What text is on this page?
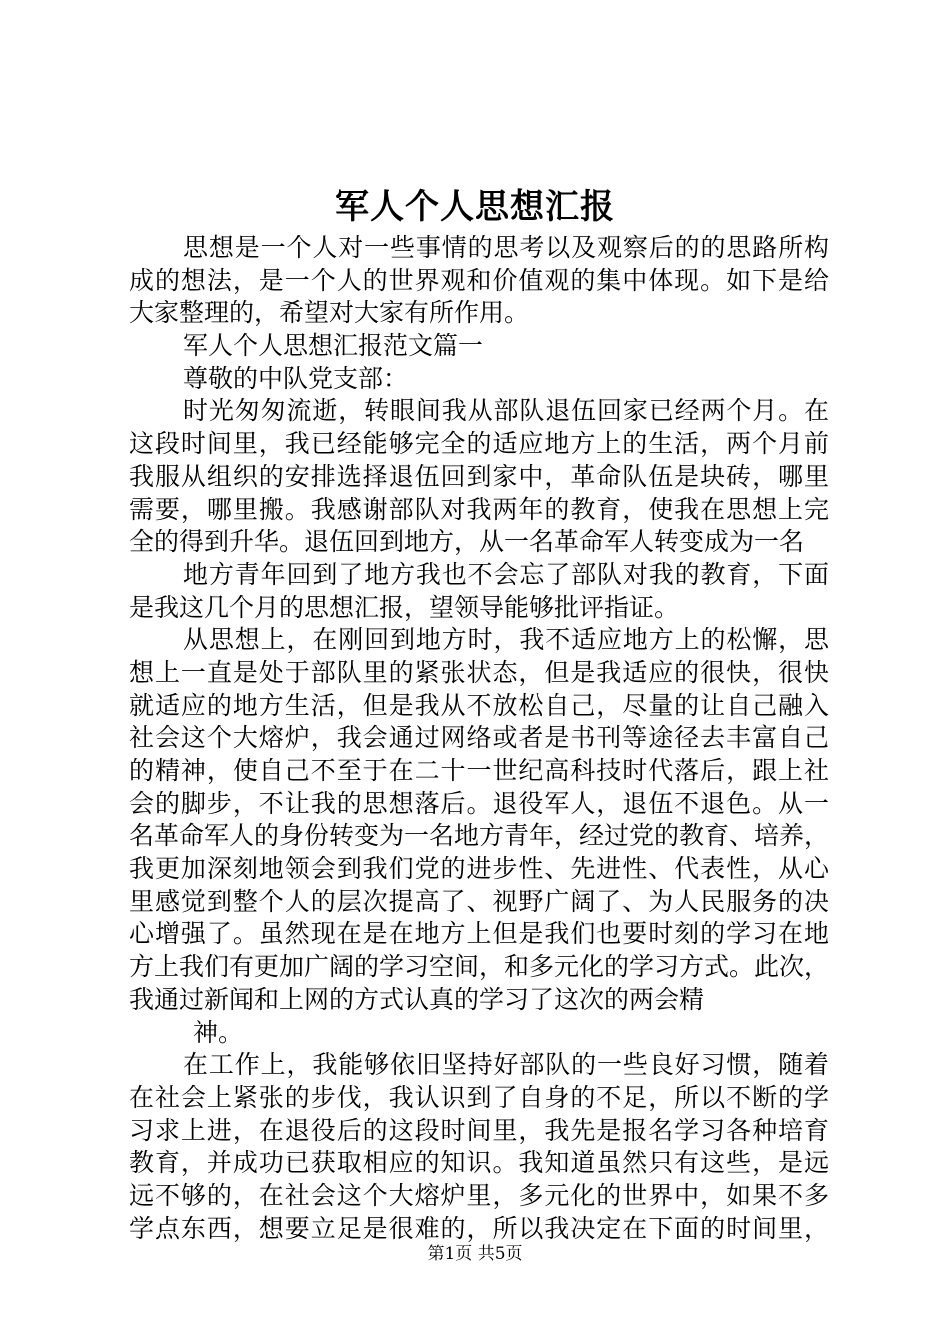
军人个人思想汇报
思想是一个人对一些事情的思考以及观察后的的思路所构
成的想法，是一个人的世界观和价值观的集中体现。如下是给
大家整理的，希望对大家有所作用。
军人个人思想汇报范文篇一
尊敬的中队党支部：
时光匆匆流逝，转眼间我从部队退伍回家已经两个月。在
这段时间里，我已经能够完全的适应地方上的生活，两个月前
我服从组织的安排选择退伍回到家中，革命队伍是块砖，哪里
需要，哪里搬。我感谢部队对我两年的教育，使我在思想上完
全的得到升华。退伍回到地方，从一名革命军人转变成为一名
地方青年回到了地方我也不会忘了部队对我的教育，下面
是我这几个月的思想汇报，望领导能够批评指证。
从思想上，在刚回到地方时，我不适应地方上的松懈，思
想上一直是处于部队里的紧张状态，但是我适应的很快，很快
就适应的地方生活，但是我从不放松自己，尽量的让自己融入
社会这个大熔炉，我会通过网络或者是书刊等途径去丰富自己
的精神，使自己不至于在二十一世纪高科技时代落后，跟上社
会的脚步，不让我的思想落后。退役军人，退伍不退色。从一
名革命军人的身份转变为一名地方青年，经过党的教育、培养，
我更加深刻地领会到我们党的进步性、先进性、代表性，从心
里感觉到整个人的层次提高了、视野广阔了、为人民服务的决
心增强了。虽然现在是在地方上但是我们也要时刻的学习在地
方上我们有更加广阔的学习空间，和多元化的学习方式。此次，
我通过新闻和上网的方式认真的学习了这次的两会精
神。
在工作上，我能够依旧坚持好部队的一些良好习惯，随着
在社会上紧张的步伐，我认识到了自身的不足，所以不断的学
习求上进，在退役后的这段时间里，我先是报名学习各种培育
教育，并成功已获取相应的知识。我知道虽然只有这些，是远
远不够的，在社会这个大熔炉里，多元化的世界中，如果不多
学点东西，想要立足是很难的，所以我决定在下面的时间里，
第1页 共5页
